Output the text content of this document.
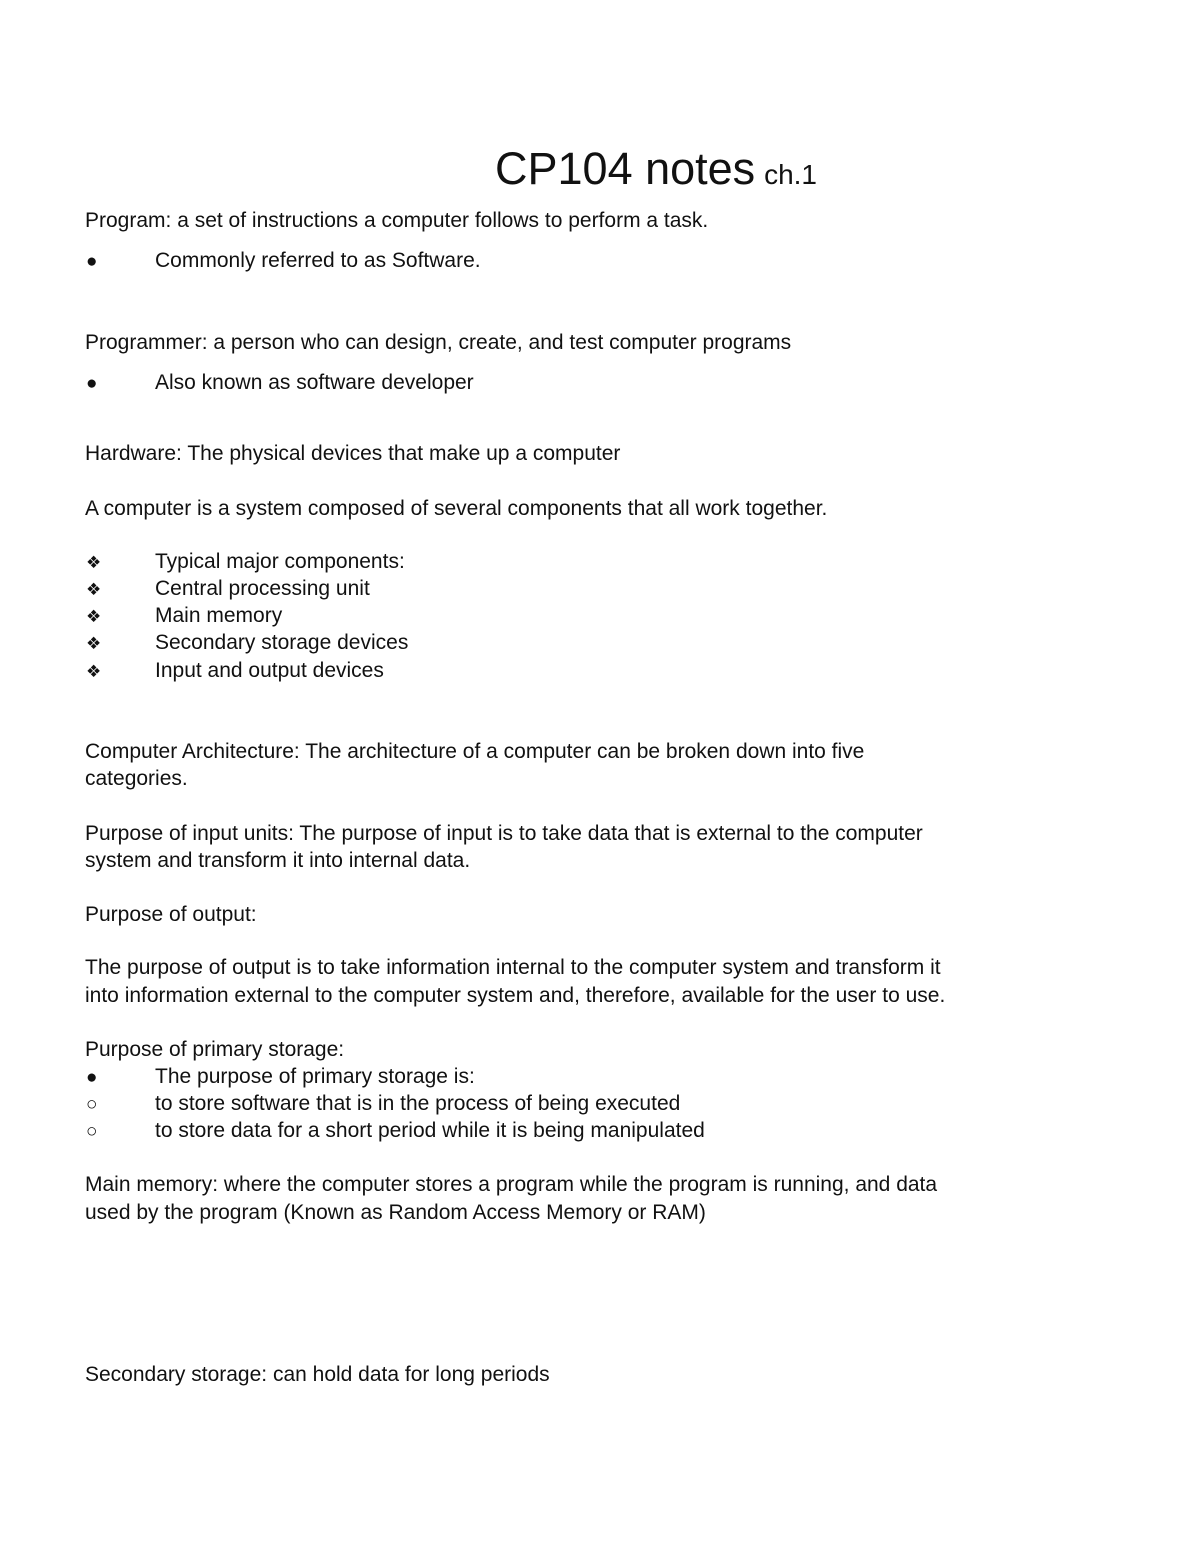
CP104 notes ch.1

Program: a set of instructions a computer follows to perform a task.

●	Commonly referred to as Software.

Programmer: a person who can design, create, and test computer programs

●	Also known as software developer

Hardware: The physical devices that make up a computer

A computer is a system composed of several components that all work together.

❖	Typical major components:
❖	Central processing unit
❖	Main memory
❖	Secondary storage devices
❖	Input and output devices

Computer Architecture: The architecture of a computer can be broken down into five

categories.

Purpose of input units: The purpose of input is to take data that is external to the computer

system and transform it into internal data.

Purpose of output:

The purpose of output is to take information internal to the computer system and transform it

into information external to the computer system and, therefore, available for the user to use.

Purpose of primary storage:

●	The purpose of primary storage is:
○	to store software that is in the process of being executed
○	to store data for a short period while it is being manipulated

Main memory: where the computer stores a program while the program is running, and data

used by the program (Known as Random Access Memory or RAM)

Secondary storage: can hold data for long periods
